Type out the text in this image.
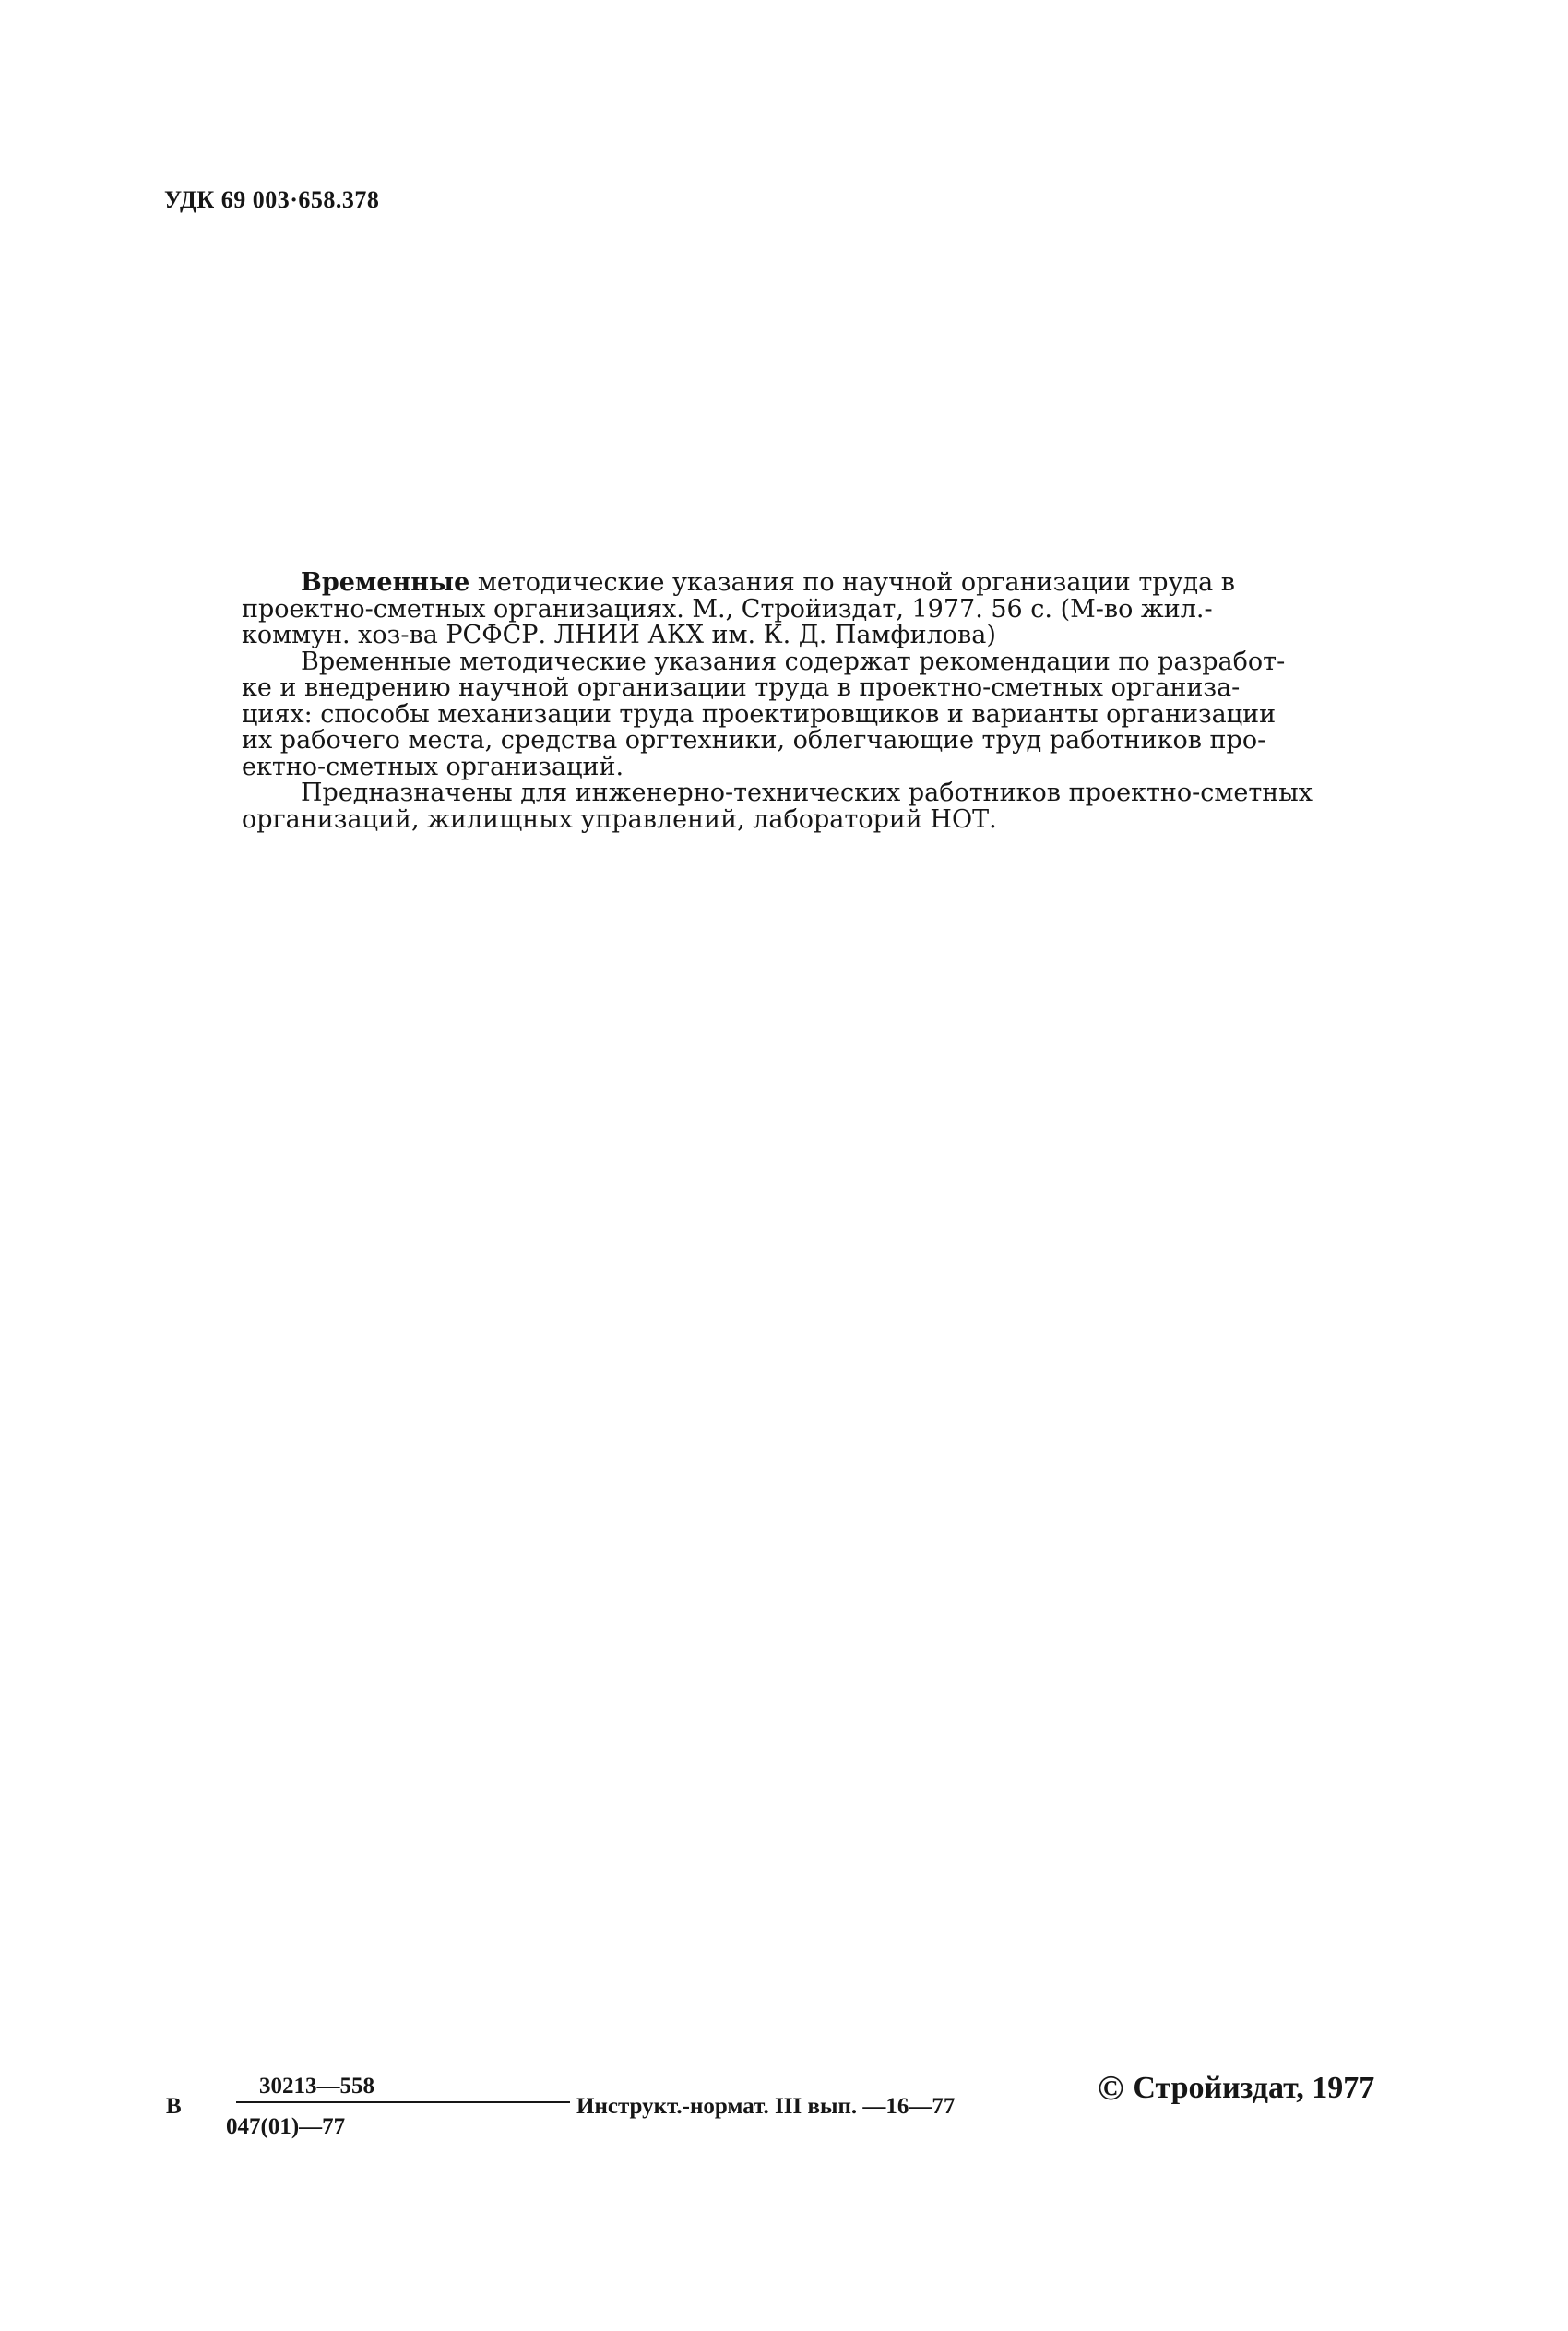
УДК 69 003·658.378
Временные методические указания по научной организации труда в
проектно-сметных организациях. М., Стройиздат, 1977. 56 с. (М-во жил.-
коммун. хоз-ва РСФСР. ЛНИИ АКХ им. К. Д. Памфилова)
Временные методические указания содержат рекомендации по разработ-
ке и внедрению научной организации труда в проектно-сметных организа-
циях: способы механизации труда проектировщиков и варианты организации
их рабочего места, средства оргтехники, облегчающие труд работников про-
ектно-сметных организаций.
Предназначены для инженерно-технических работников проектно-сметных
организаций, жилищных управлений, лабораторий НОТ.
В
30213—558
047(01)—77
Инструкт.-нормат. III вып. —16—77	© Стройиздат, 1977
